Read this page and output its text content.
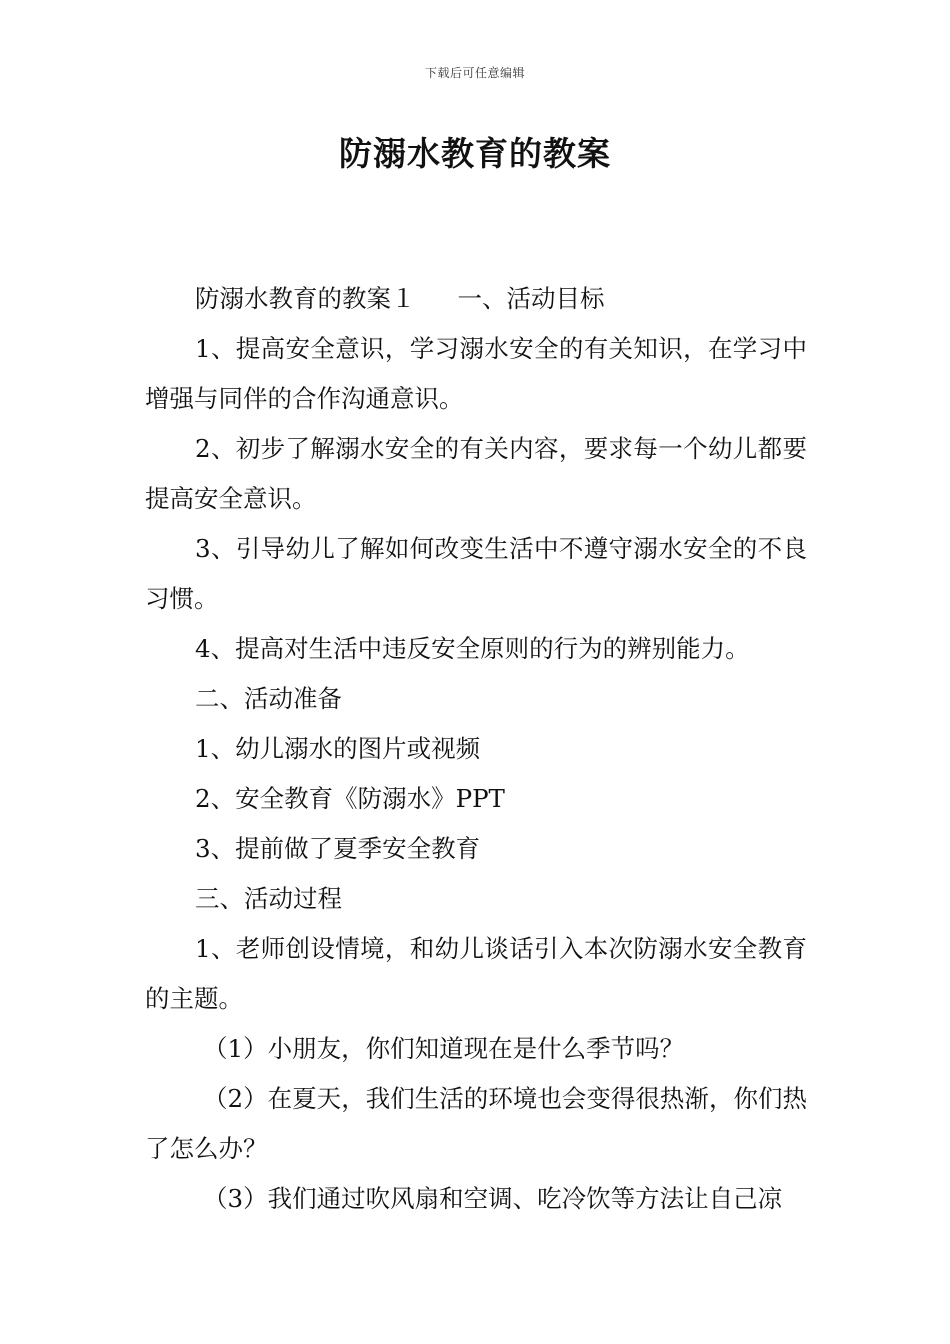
下载后可任意编辑
防溺水教育的教案

防溺水教育的教案１ 一、活动目标

1、提高安全意识，学习溺水安全的有关知识，在学习中增强与同伴的合作沟通意识。

2、初步了解溺水安全的有关内容，要求每一个幼儿都要提高安全意识。

3、引导幼儿了解如何改变生活中不遵守溺水安全的不良习惯。

4、提高对生活中违反安全原则的行为的辨别能力。

二、活动准备

1、幼儿溺水的图片或视频

2、安全教育《防溺水》PPT

3、提前做了夏季安全教育

三、活动过程

1、老师创设情境，和幼儿谈话引入本次防溺水安全教育的主题。

（1）小朋友，你们知道现在是什么季节吗？

（2）在夏天，我们生活的环境也会变得很热渐，你们热了怎么办？

（3）我们通过吹风扇和空调、吃冷饮等方法让自己凉
